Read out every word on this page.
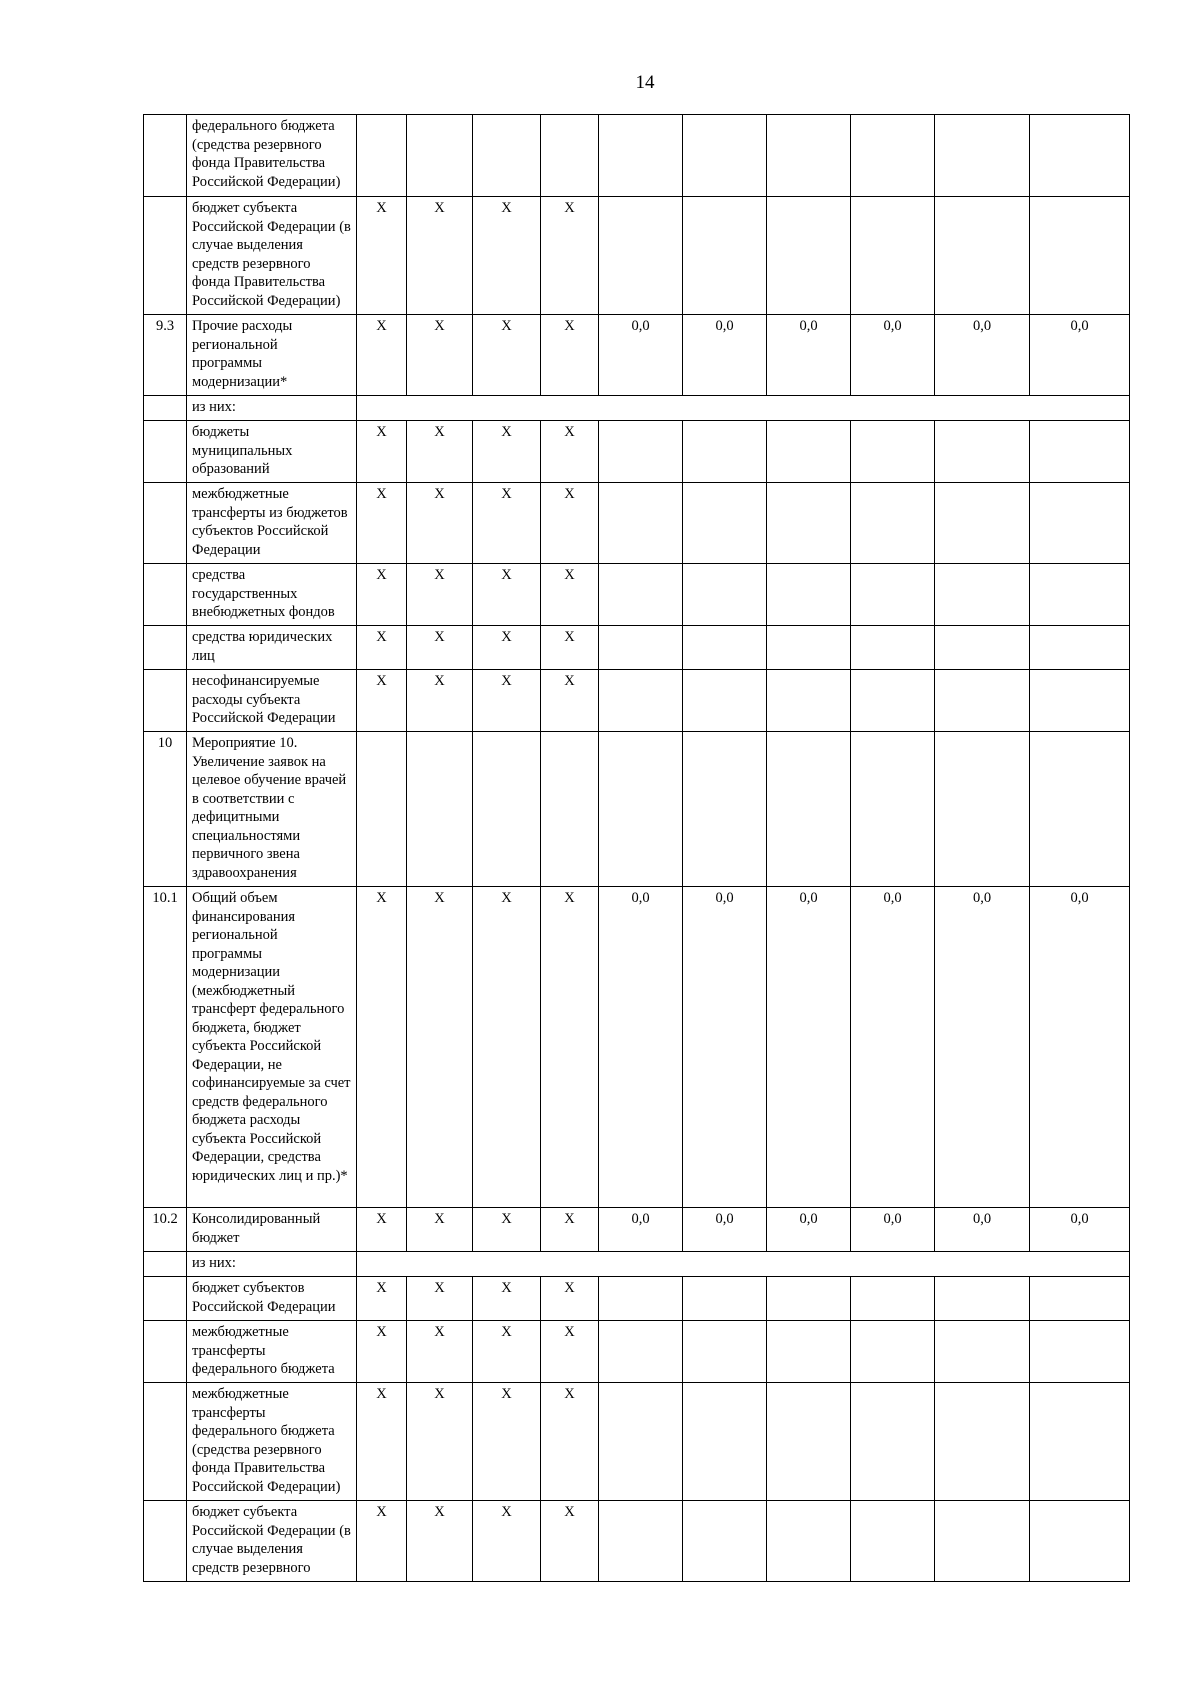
14
	федерального бюджета (средства резервного фонда Правительства Российской Федерации)										
	бюджет субъекта Российской Федерации (в случае выделения средств резервного фонда Правительства Российской Федерации)	X	X	X	X						
9.3	Прочие расходы региональной программы модернизации*	X	X	X	X	0,0	0,0	0,0	0,0	0,0	0,0
	из них:										
	бюджеты муниципальных образований	X	X	X	X						
	межбюджетные трансферты из бюджетов субъектов Российской Федерации	X	X	X	X						
	средства государственных внебюджетных фондов	X	X	X	X						
	средства юридических лиц	X	X	X	X						
	несофинансируемые расходы субъекта Российской Федерации	X	X	X	X						
10	Мероприятие 10. Увеличение заявок на целевое обучение врачей в соответствии с дефицитными специальностями первичного звена здравоохранения										
10.1	Общий объем финансирования региональной программы модернизации (межбюджетный трансферт федерального бюджета, бюджет субъекта Российской Федерации, не софинансируемые за счет средств федерального бюджета расходы субъекта Российской Федерации, средства юридических лиц и пр.)*	X	X	X	X	0,0	0,0	0,0	0,0	0,0	0,0
10.2	Консолидированный бюджет	X	X	X	X	0,0	0,0	0,0	0,0	0,0	0,0
	из них:										
	бюджет субъектов Российской Федерации	X	X	X	X						
	межбюджетные трансферты федерального бюджета	X	X	X	X						
	межбюджетные трансферты федерального бюджета (средства резервного фонда Правительства Российской Федерации)	X	X	X	X						
	бюджет субъекта Российской Федерации (в случае выделения средств резервного	X	X	X	X						
